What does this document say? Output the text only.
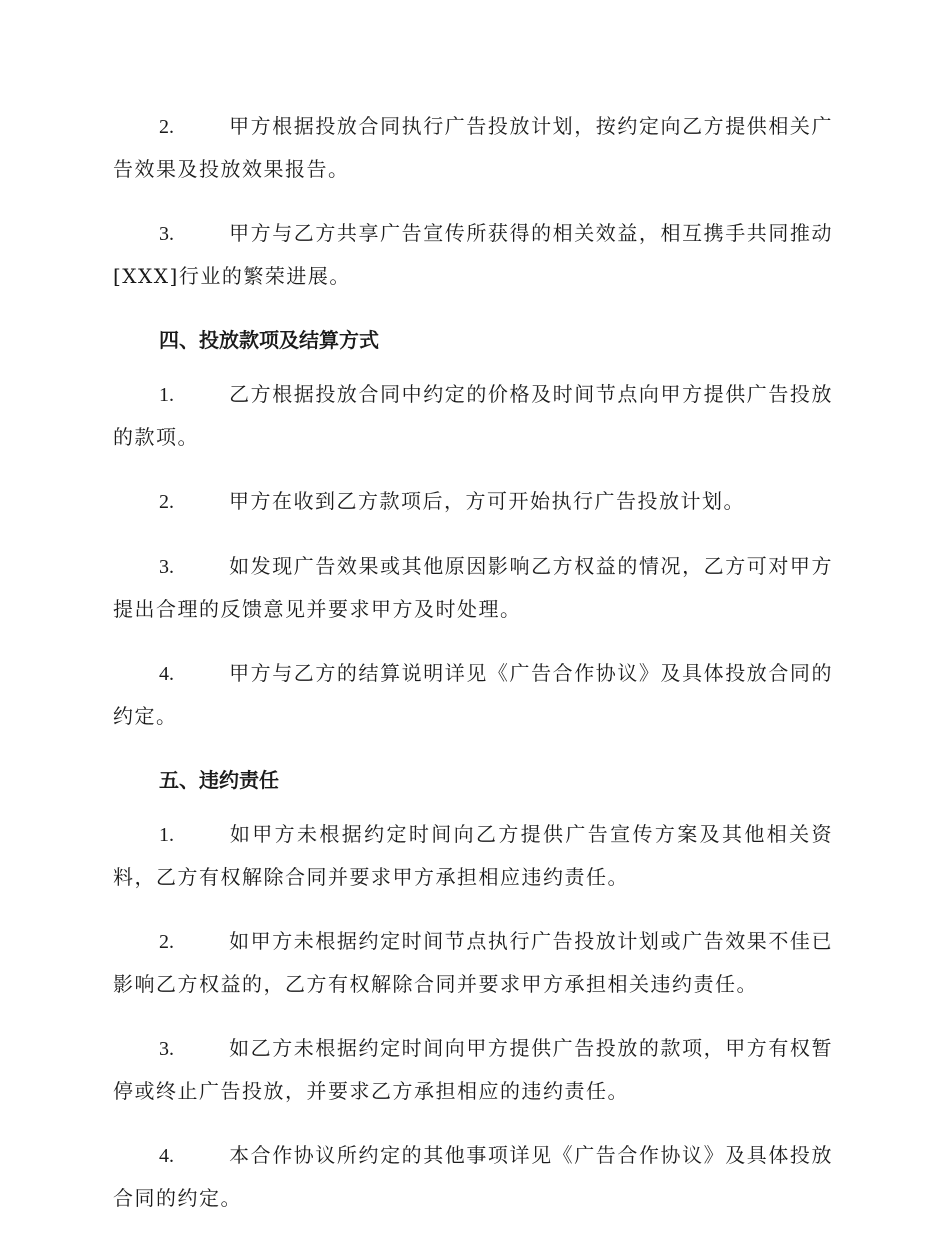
2.	甲方根据投放合同执行广告投放计划，按约定向乙方提供相关广告效果及投放效果报告。
3.	甲方与乙方共享广告宣传所获得的相关效益，相互携手共同推动[XXX]行业的繁荣进展。
四、投放款项及结算方式
1.	乙方根据投放合同中约定的价格及时间节点向甲方提供广告投放的款项。
2.	甲方在收到乙方款项后，方可开始执行广告投放计划。
3.	如发现广告效果或其他原因影响乙方权益的情况，乙方可对甲方提出合理的反馈意见并要求甲方及时处理。
4.	甲方与乙方的结算说明详见《广告合作协议》及具体投放合同的约定。
五、违约责任
1.	如甲方未根据约定时间向乙方提供广告宣传方案及其他相关资料，乙方有权解除合同并要求甲方承担相应违约责任。
2.	如甲方未根据约定时间节点执行广告投放计划或广告效果不佳已影响乙方权益的，乙方有权解除合同并要求甲方承担相关违约责任。
3.	如乙方未根据约定时间向甲方提供广告投放的款项，甲方有权暂停或终止广告投放，并要求乙方承担相应的违约责任。
4.	本合作协议所约定的其他事项详见《广告合作协议》及具体投放合同的约定。
